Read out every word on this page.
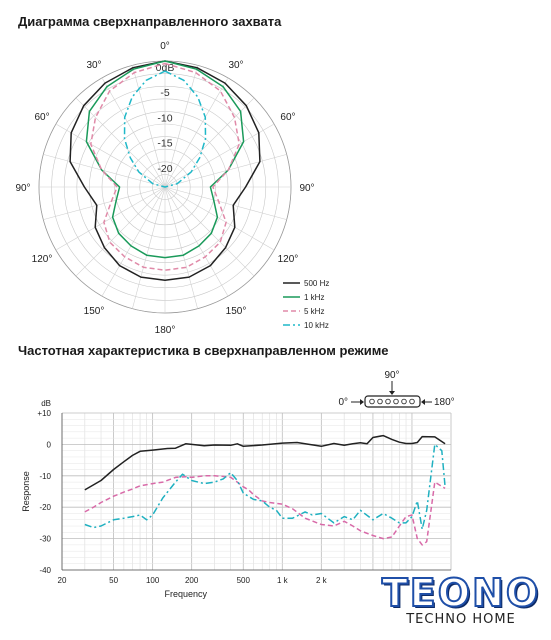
Диаграмма сверхнаправленного захвата
Частотная характеристика в сверхнаправленном режиме
0°
30°
30°
60°
60°
90°
90°
120°
120°
150°
150°
180°
0dB
-5
-10
-15
-20
500 Hz
1 kHz
5 kHz
10 kHz
+10
0
-10
-20
-30
-40
20	50	100	200	500	1 k	2 k
dB
Frequency
Response
90°
0°	180°
TEONO
TECHNO HOME
